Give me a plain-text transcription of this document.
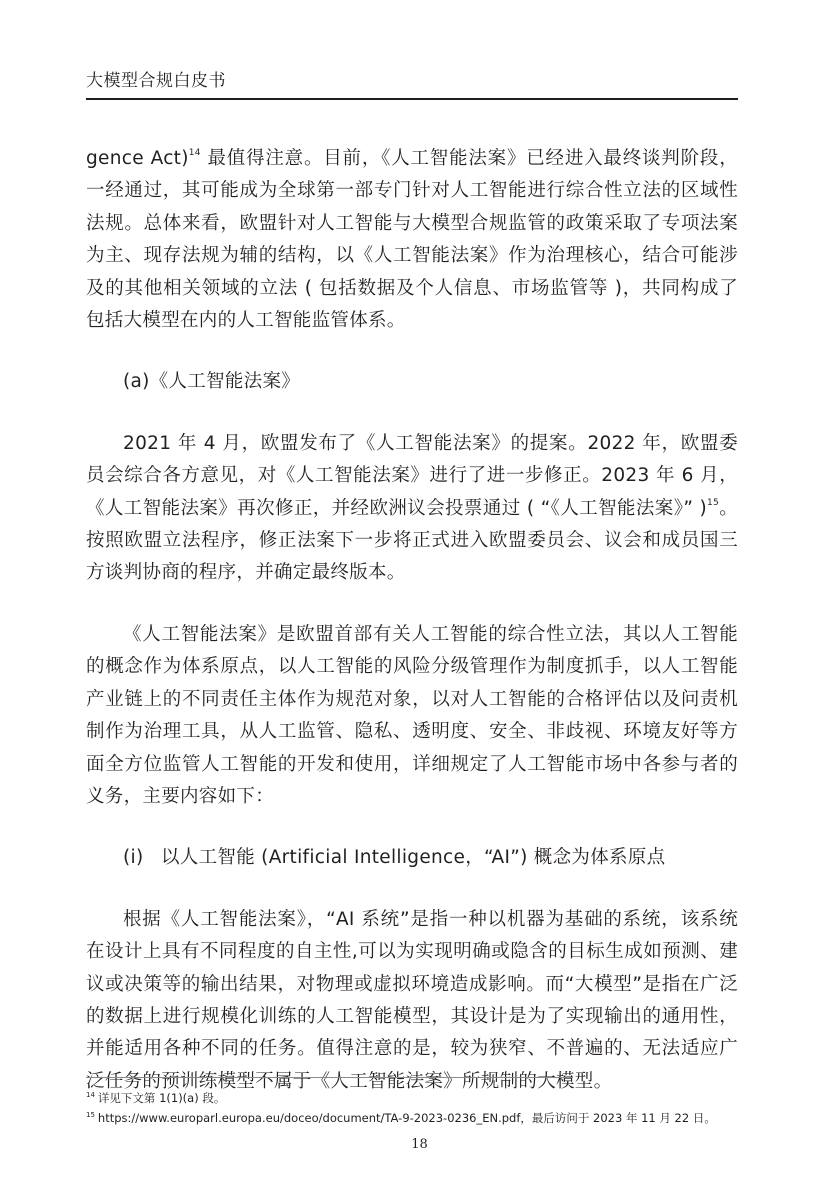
大模型合规白皮书

gence Act)$^{14}$ 最值得注意。目前，《人工智能法案》已经进入最终谈判阶段，一经通过，其可能成为全球第一部专门针对人工智能进行综合性立法的区域性法规。总体来看，欧盟针对人工智能与大模型合规监管的政策采取了专项法案为主、现存法规为辅的结构，以《人工智能法案》作为治理核心，结合可能涉及的其他相关领域的立法 ( 包括数据及个人信息、市场监管等 )，共同构成了包括大模型在内的人工智能监管体系。

(a)《人工智能法案》

2021 年 4 月，欧盟发布了《人工智能法案》的提案。2022 年，欧盟委员会综合各方意见，对《人工智能法案》进行了进一步修正。2023 年 6 月，《人工智能法案》再次修正，并经欧洲议会投票通过 ( “《人工智能法案》” )$^{15}$。按照欧盟立法程序，修正法案下一步将正式进入欧盟委员会、议会和成员国三方谈判协商的程序，并确定最终版本。

《人工智能法案》是欧盟首部有关人工智能的综合性立法，其以人工智能的概念作为体系原点，以人工智能的风险分级管理作为制度抓手，以人工智能产业链上的不同责任主体作为规范对象，以对人工智能的合格评估以及问责机制作为治理工具，从人工监管、隐私、透明度、安全、非歧视、环境友好等方面全方位监管人工智能的开发和使用，详细规定了人工智能市场中各参与者的义务，主要内容如下：

(i) 以人工智能 (Artificial Intelligence，“AI”) 概念为体系原点

根据《人工智能法案》，“AI 系统”是指一种以机器为基础的系统，该系统在设计上具有不同程度的自主性,可以为实现明确或隐含的目标生成如预测、建议或决策等的输出结果，对物理或虚拟环境造成影响。而“大模型”是指在广泛的数据上进行规模化训练的人工智能模型，其设计是为了实现输出的通用性，并能适用各种不同的任务。值得注意的是，较为狭窄、不普遍的、无法适应广泛任务的预训练模型不属于《人工智能法案》所规制的大模型。

$^{14}$ 详见下文第 1(1)(a) 段。
$^{15}$ https://www.europarl.europa.eu/doceo/document/TA-9-2023-0236_EN.pdf，最后访问于 2023 年 11 月 22 日。
18
